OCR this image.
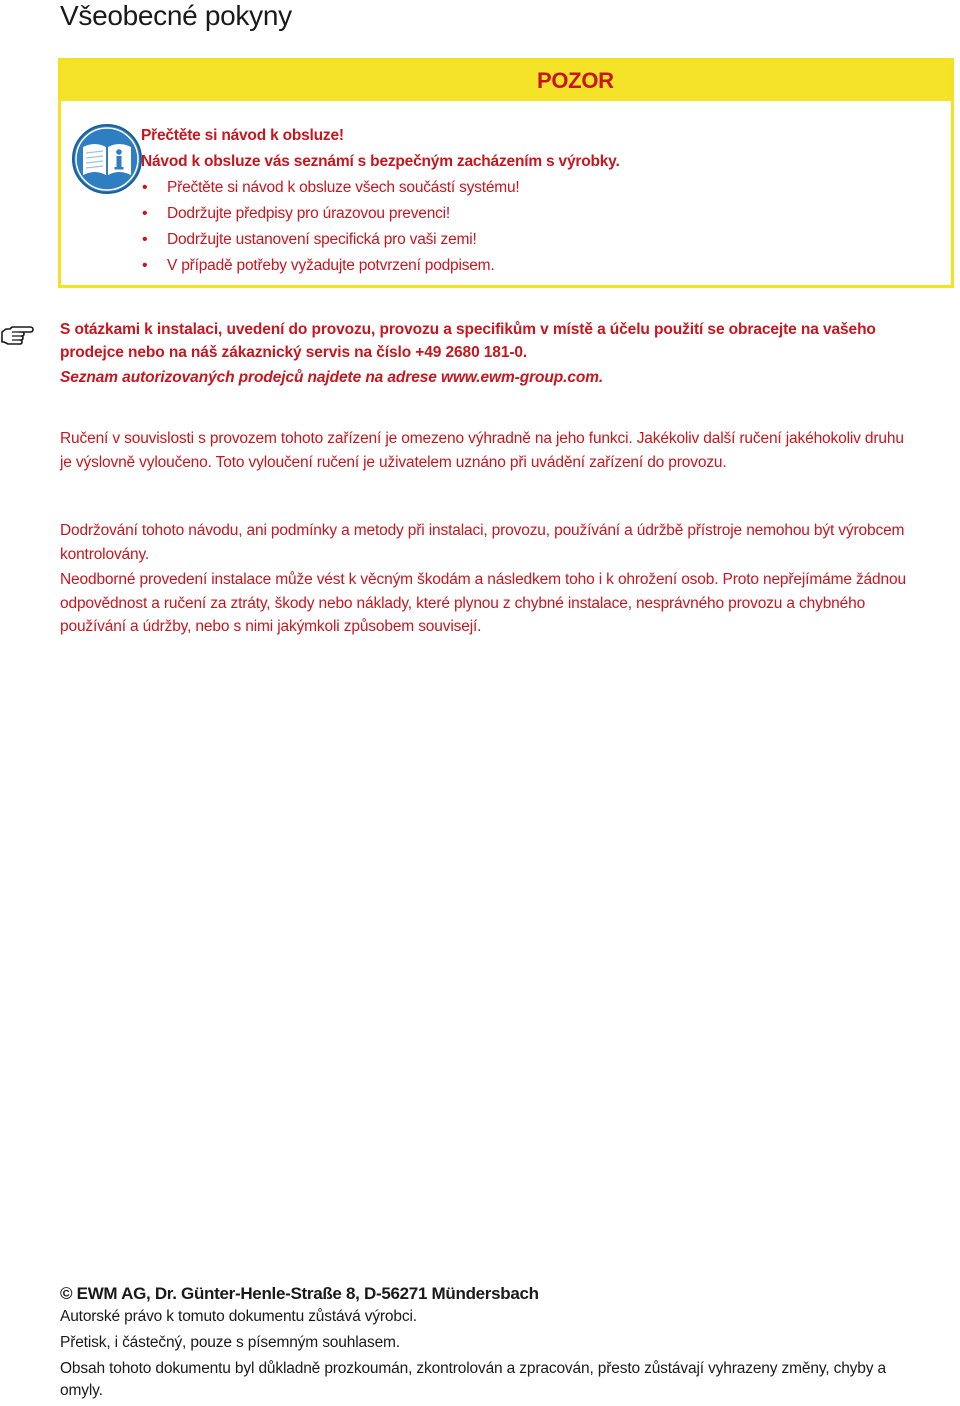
Všeobecné pokyny
POZOR
Přečtěte si návod k obsluze!
Návod k obsluze vás seznámí s bezpečným zacházením s výrobky.
• Přečtěte si návod k obsluze všech součástí systému!
• Dodržujte předpisy pro úrazovou prevenci!
• Dodržujte ustanovení specifická pro vaši zemi!
• V případě potřeby vyžadujte potvrzení podpisem.
S otázkami k instalaci, uvedení do provozu, provozu a specifikům v místě a účelu použití se obracejte na vašeho prodejce nebo na náš zákaznický servis na číslo +49 2680 181-0.
Seznam autorizovaných prodejců najdete na adrese www.ewm-group.com.
Ručení v souvislosti s provozem tohoto zařízení je omezeno výhradně na jeho funkci. Jakékoliv další ručení jakéhokoliv druhu je výslovně vyloučeno. Toto vyloučení ručení je uživatelem uznáno při uvádění zařízení do provozu.
Dodržování tohoto návodu, ani podmínky a metody při instalaci, provozu, používání a údržbě přístroje nemohou být výrobcem kontrolovány.
Neodborné provedení instalace může vést k věcným škodám a následkem toho i k ohrožení osob. Proto nepřejímáme žádnou odpovědnost a ručení za ztráty, škody nebo náklady, které plynou z chybné instalace, nesprávného provozu a chybného používání a údržby, nebo s nimi jakýmkoli způsobem souvisejí.
© EWM AG, Dr. Günter-Henle-Straße 8, D-56271 Mündersbach

Autorské právo k tomuto dokumentu zůstává výrobci.

Přetisk, i částečný, pouze s písemným souhlasem.

Obsah tohoto dokumentu byl důkladně prozkoumán, zkontrolován a zpracován, přesto zůstávají vyhrazeny změny, chyby a omyly.
